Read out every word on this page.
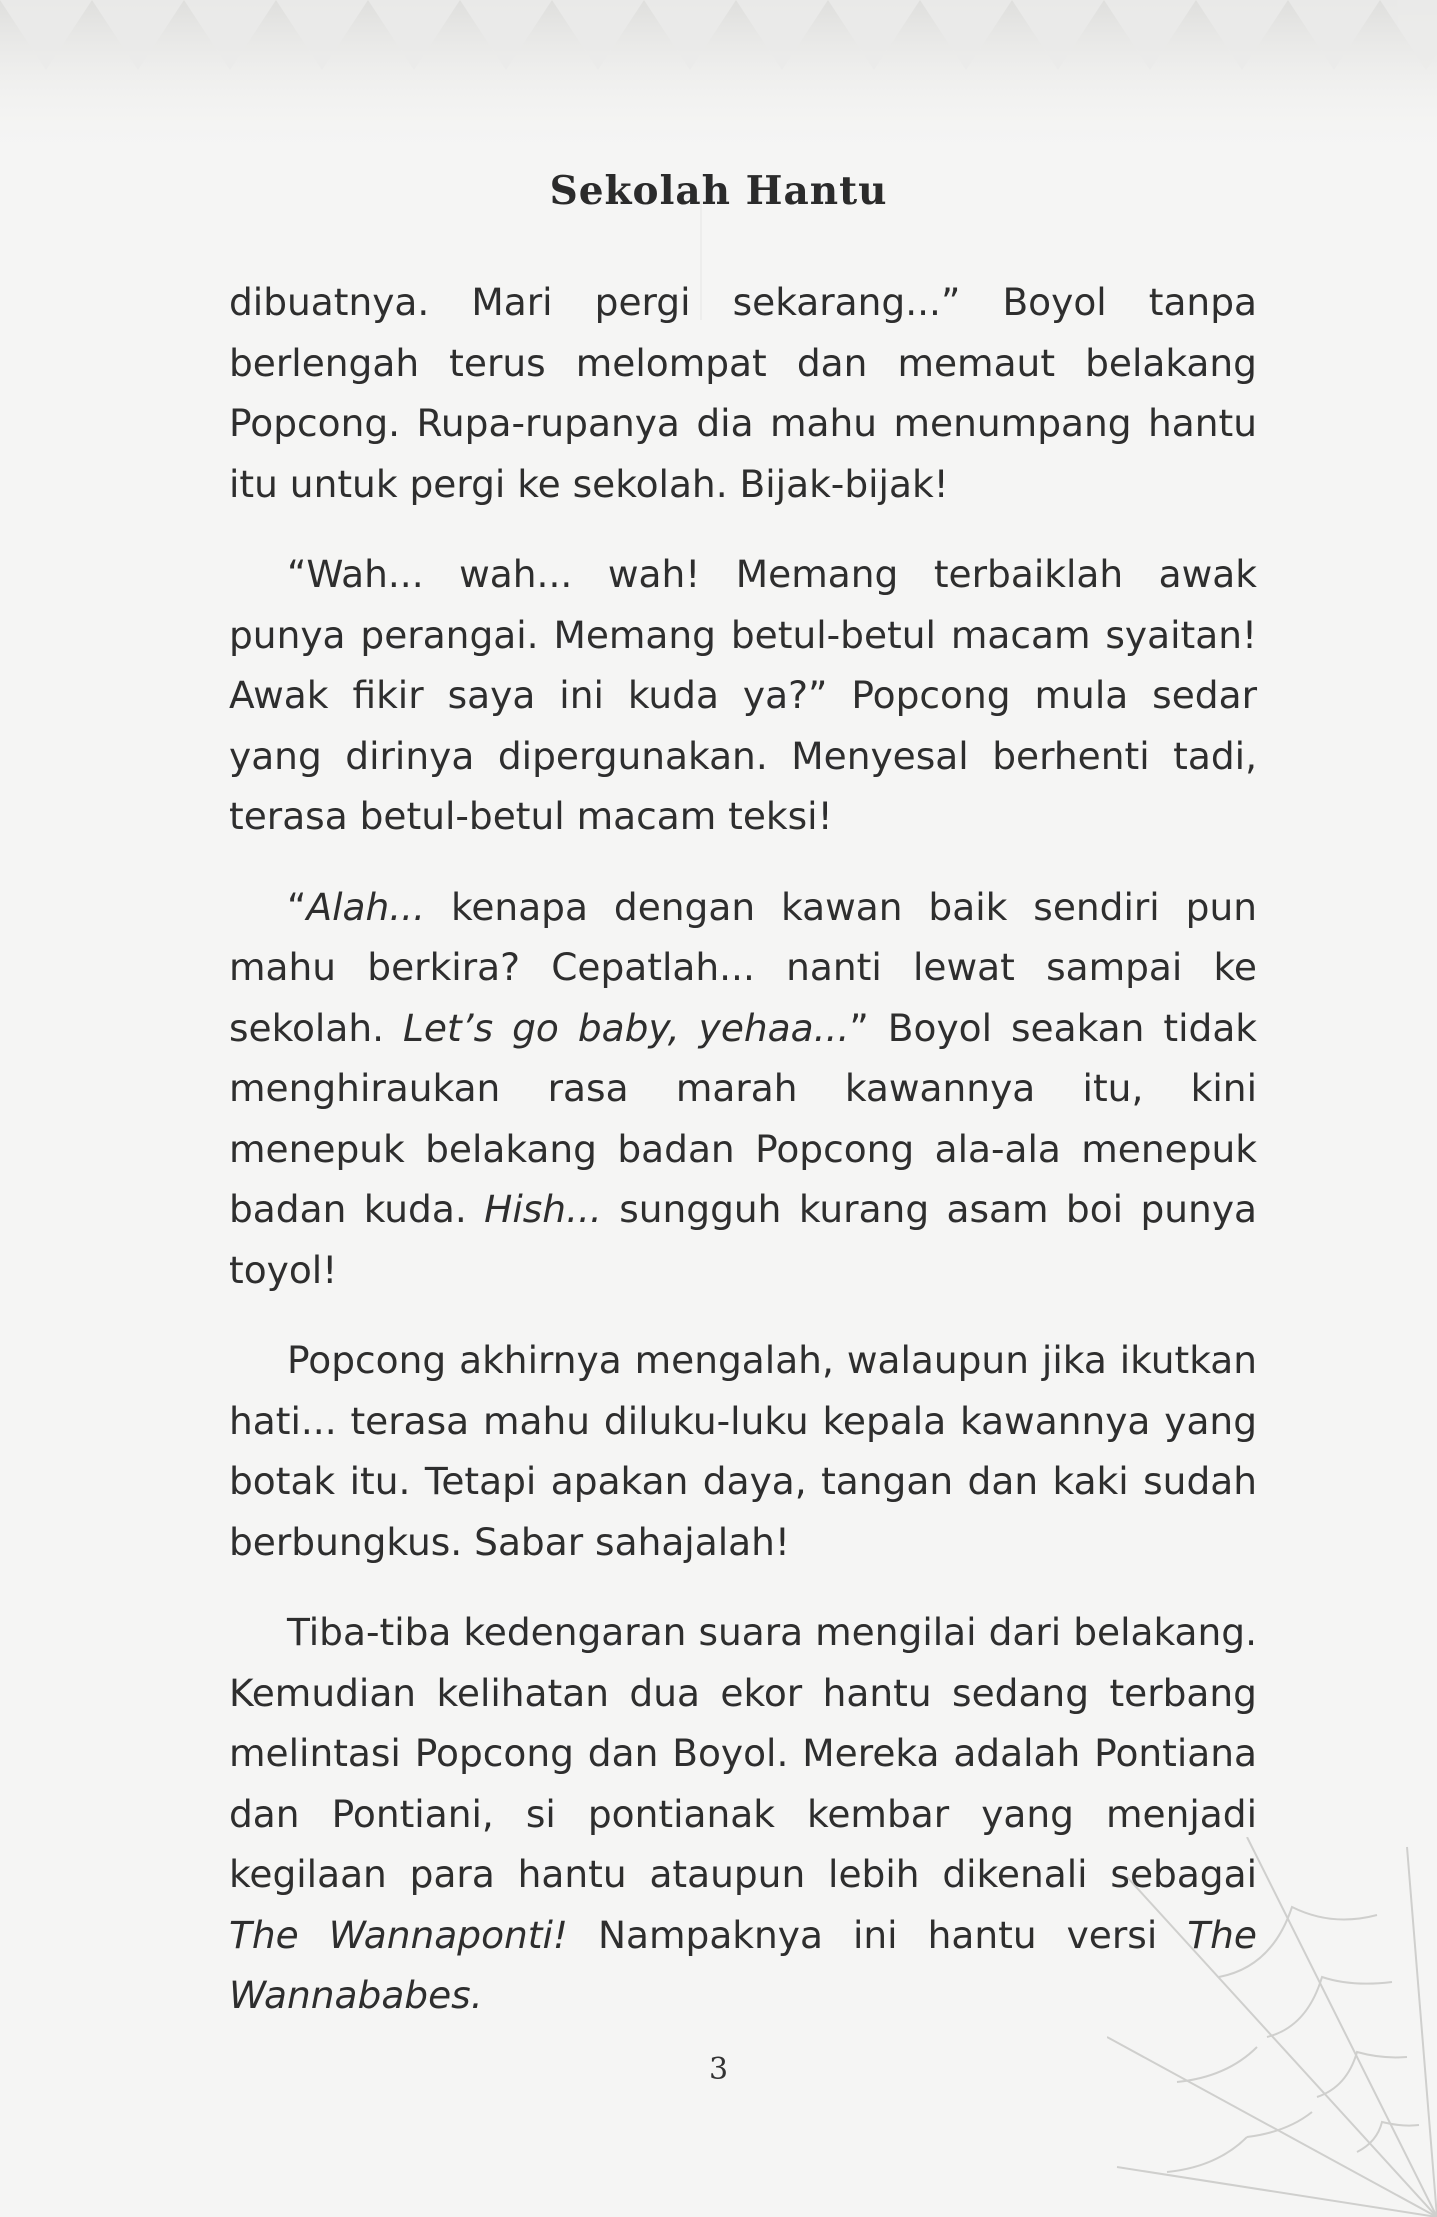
Sekolah Hantu

dibuatnya. Mari pergi sekarang...” Boyol tanpa berlengah terus melompat dan memaut belakang Popcong. Rupa-rupanya dia mahu menumpang hantu itu untuk pergi ke sekolah. Bijak-bijak!

“Wah... wah... wah! Memang terbaiklah awak punya perangai. Memang betul-betul macam syaitan! Awak fikir saya ini kuda ya?” Popcong mula sedar yang dirinya dipergunakan. Menyesal berhenti tadi, terasa betul-betul macam teksi!

“Alah... kenapa dengan kawan baik sendiri pun mahu berkira? Cepatlah... nanti lewat sampai ke sekolah. Let’s go baby, yehaa...” Boyol seakan tidak menghiraukan rasa marah kawannya itu, kini menepuk belakang badan Popcong ala-ala menepuk badan kuda. Hish... sungguh kurang asam boi punya toyol!

Popcong akhirnya mengalah, walaupun jika ikutkan hati... terasa mahu diluku-luku kepala kawannya yang botak itu. Tetapi apakan daya, tangan dan kaki sudah berbungkus. Sabar sahajalah!

Tiba-tiba kedengaran suara mengilai dari belakang. Kemudian kelihatan dua ekor hantu sedang terbang melintasi Popcong dan Boyol. Mereka adalah Pontiana dan Pontiani, si pontianak kembar yang menjadi kegilaan para hantu ataupun lebih dikenali sebagai The Wannaponti! Nampaknya ini hantu versi The Wannababes.

3
